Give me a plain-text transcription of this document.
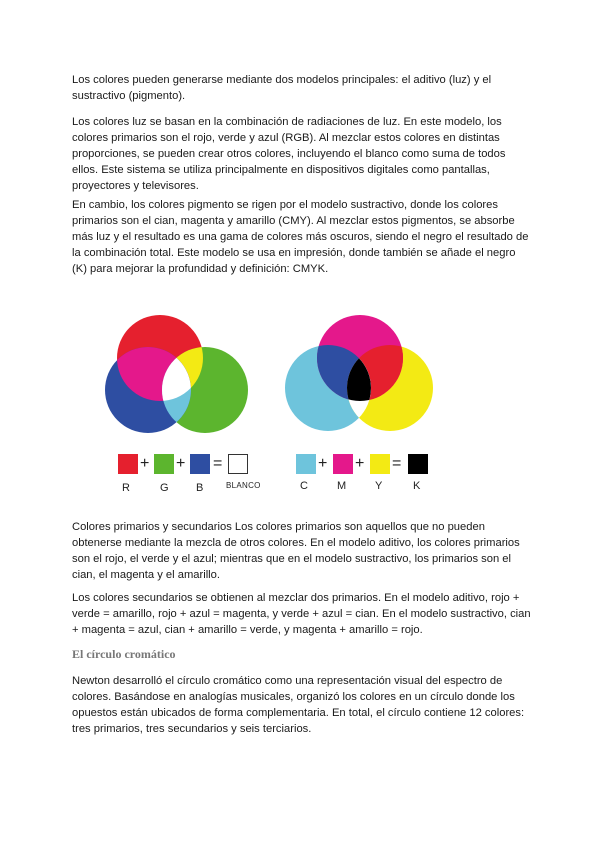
Los colores pueden generarse mediante dos modelos principales: el aditivo (luz) y el sustractivo (pigmento).

Los colores luz se basan en la combinación de radiaciones de luz. En este modelo, los colores primarios son el rojo, verde y azul (RGB). Al mezclar estos colores en distintas proporciones, se pueden crear otros colores, incluyendo el blanco como suma de todos ellos. Este sistema se utiliza principalmente en dispositivos digitales como pantallas, proyectores y televisores.

En cambio, los colores pigmento se rigen por el modelo sustractivo, donde los colores primarios son el cian, magenta y amarillo (CMY). Al mezclar estos pigmentos, se absorbe más luz y el resultado es una gama de colores más oscuros, siendo el negro el resultado de la combinación total. Este modelo se usa en impresión, donde también se añade el negro (K) para mejorar la profundidad y definición: CMYK.

+ + =
R	G B	BLANCO
+ + =
C	M	Y	K

Colores primarios y secundarios Los colores primarios son aquellos que no pueden obtenerse mediante la mezcla de otros colores. En el modelo aditivo, los colores primarios son el rojo, el verde y el azul; mientras que en el modelo sustractivo, los primarios son el cian, el magenta y el amarillo.

Los colores secundarios se obtienen al mezclar dos primarios. En el modelo aditivo, rojo + verde = amarillo, rojo + azul = magenta, y verde + azul = cian. En el modelo sustractivo, cian + magenta = azul, cian + amarillo = verde, y magenta + amarillo = rojo.

El círculo cromático

Newton desarrolló el círculo cromático como una representación visual del espectro de colores. Basándose en analogías musicales, organizó los colores en un círculo donde los opuestos están ubicados de forma complementaria. En total, el círculo contiene 12 colores: tres primarios, tres secundarios y seis terciarios.
